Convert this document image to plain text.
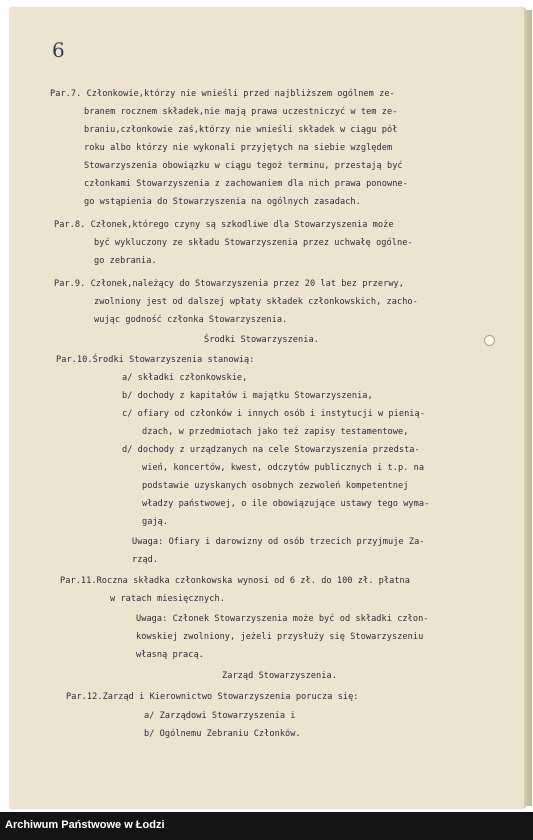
6
Par.7. Członkowie,którzy nie wnieśli przed najbliższem ogólnem ze-
branem rocznem składek,nie mają prawa uczestniczyć w tem ze-
braniu,członkowie zaś,którzy nie wnieśli składek w ciągu pół
roku albo którzy nie wykonali przyjętych na siebie względem
Stowarzyszenia obowiązku w ciągu tegoż terminu, przestają być
członkami Stowarzyszenia z zachowaniem dla nich prawa ponowne-
go wstąpienia do Stowarzyszenia na ogólnych zasadach.
Par.8. Członek,którego czyny są szkodliwe dla Stowarzyszenia może
być wykluczony ze składu Stowarzyszenia przez uchwałę ogólne-
go zebrania.
Par.9. Członek,należący do Stowarzyszenia przez 20 lat bez przerwy,
zwolniony jest od dalszej wpłaty składek członkowskich, zacho-
wując godność członka Stowarzyszenia.
Środki Stowarzyszenia.
Par.10.Środki Stowarzyszenia stanowią:
a/ składki członkowskie,
b/ dochody z kapitałów i majątku Stowarzyszenia,
c/ ofiary od członków i innych osób i instytucji w pienią-
dzach, w przedmiotach jako też zapisy testamentowe,
d/ dochody z urządzanych na cele Stowarzyszenia przedsta-
wień, koncertów, kwest, odczytów publicznych i t.p. na
podstawie uzyskanych osobnych zezwoleń kompetentnej
władzy państwowej, o ile obowiązujące ustawy tego wyma-
gają.
Uwaga: Ofiary i darowizny od osób trzecich przyjmuje Za-
rząd.
Par.11.Roczna składka członkowska wynosi od 6 zł. do 100 zł. płatna
w ratach miesięcznych.
Uwaga: Członek Stowarzyszenia może być od składki człon-
kowskiej zwolniony, jeżeli przysłuży się Stowarzyszeniu
własną pracą.
Zarząd Stowarzyszenia.
Par.12.Zarząd i Kierownictwo Stowarzyszenia porucza się:
a/ Zarządowi Stowarzyszenia i
b/ Ogólnemu Zebraniu Członków.
Archiwum Państwowe w Łodzi
